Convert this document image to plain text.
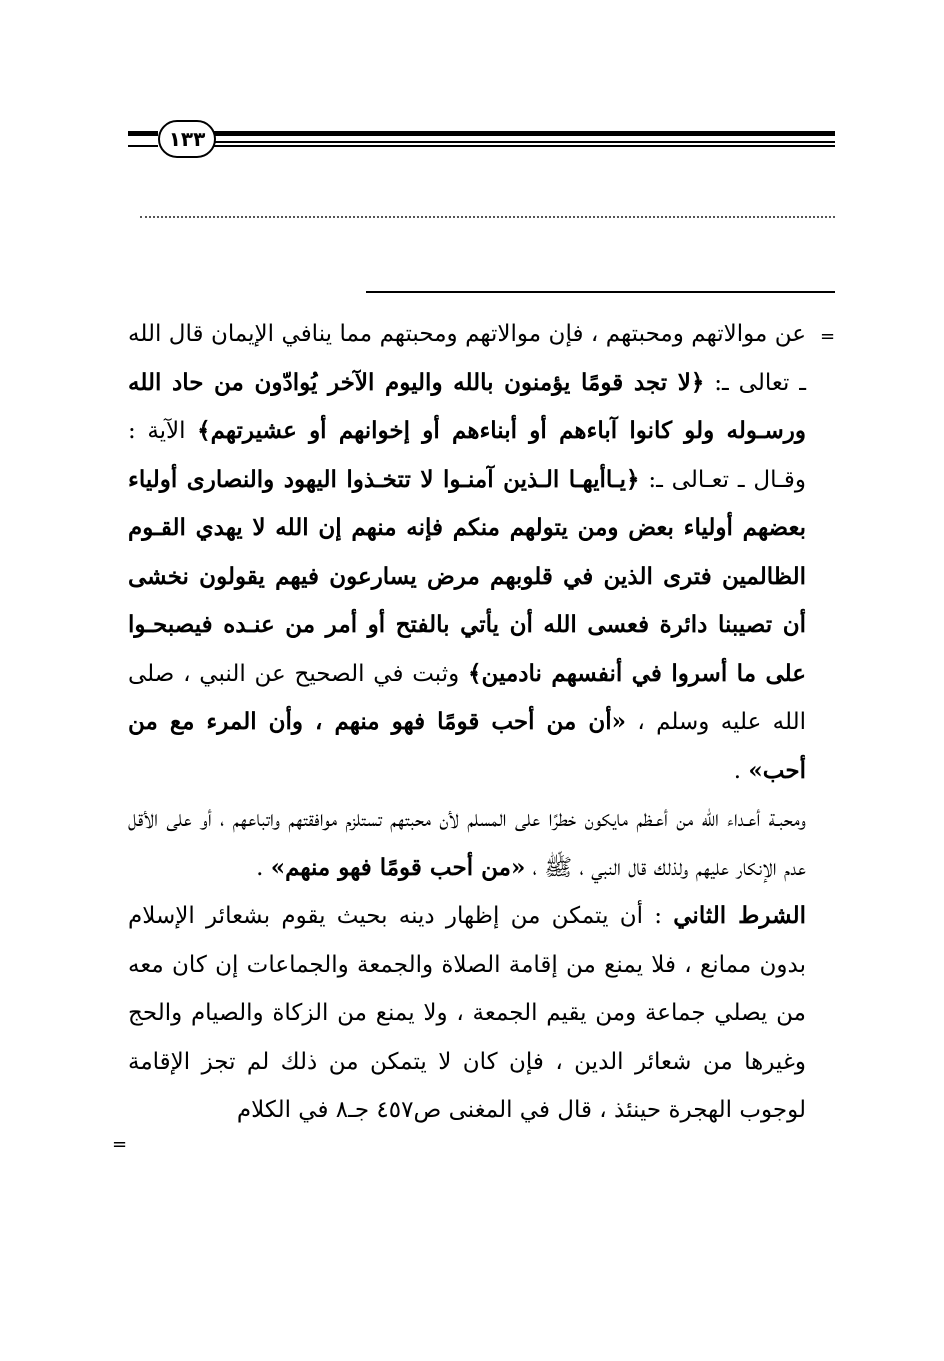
١٣٣
=
=

عن موالاتهم ومحبتهم ، فإن موالاتهم ومحبتهم مما ينافي الإيمان قال الله ـ تعالى ـ: ﴿لا تجد قومًا يؤمنون بالله واليوم الآخر يُوادّون من حاد الله ورسـوله ولو كانوا آباءهم أو أبناءهم أو إخوانهم أو عشيرتهم﴾ الآية : وقـال ـ تعـالى ـ: ﴿يـاأيهـا الـذين آمنـوا لا تتخـذوا اليهود والنصارى أولياء بعضهم أولياء بعض ومن يتولهم منكم فإنه منهم إن الله لا يهدي القـوم الظالمين فترى الذين في قلوبهم مرض يسارعون فيهم يقولون نخشى أن تصيبنا دائرة فعسى الله أن يأتي بالفتح أو أمر من عنـده فيصبحـوا على ما أسروا في أنفسهم نادمين﴾ وثبت في الصحيح عن النبي ، صلى الله عليه وسلم ، «أن من أحب قومًا فهو منهم ، وأن المرء مع من أحب» .

ومحبـة أعـداء الله من أعـظم مايكون خطرًا على المسلم لأن محبتهم تستلزم موافقتهم واتباعهم ، أو على الأقل عدم الإنكار عليهم ولذلك قال النبي ، ﷺ ، «من أحب قومًا فهو منهم» .

الشرط الثاني : أن يتمكن من إظهار دينه بحيث يقوم بشعائر الإسلام بدون ممانع ، فلا يمنع من إقامة الصلاة والجمعة والجماعات إن كان معه من يصلي جماعة ومن يقيم الجمعة ، ولا يمنع من الزكاة والصيام والحج وغيرها من شعائر الدين ، فإن كان لا يتمكن من ذلك لم تجز الإقامة لوجوب الهجرة حينئذ ، قال في المغنى ص٤٥٧ جـ٨ في الكلام
